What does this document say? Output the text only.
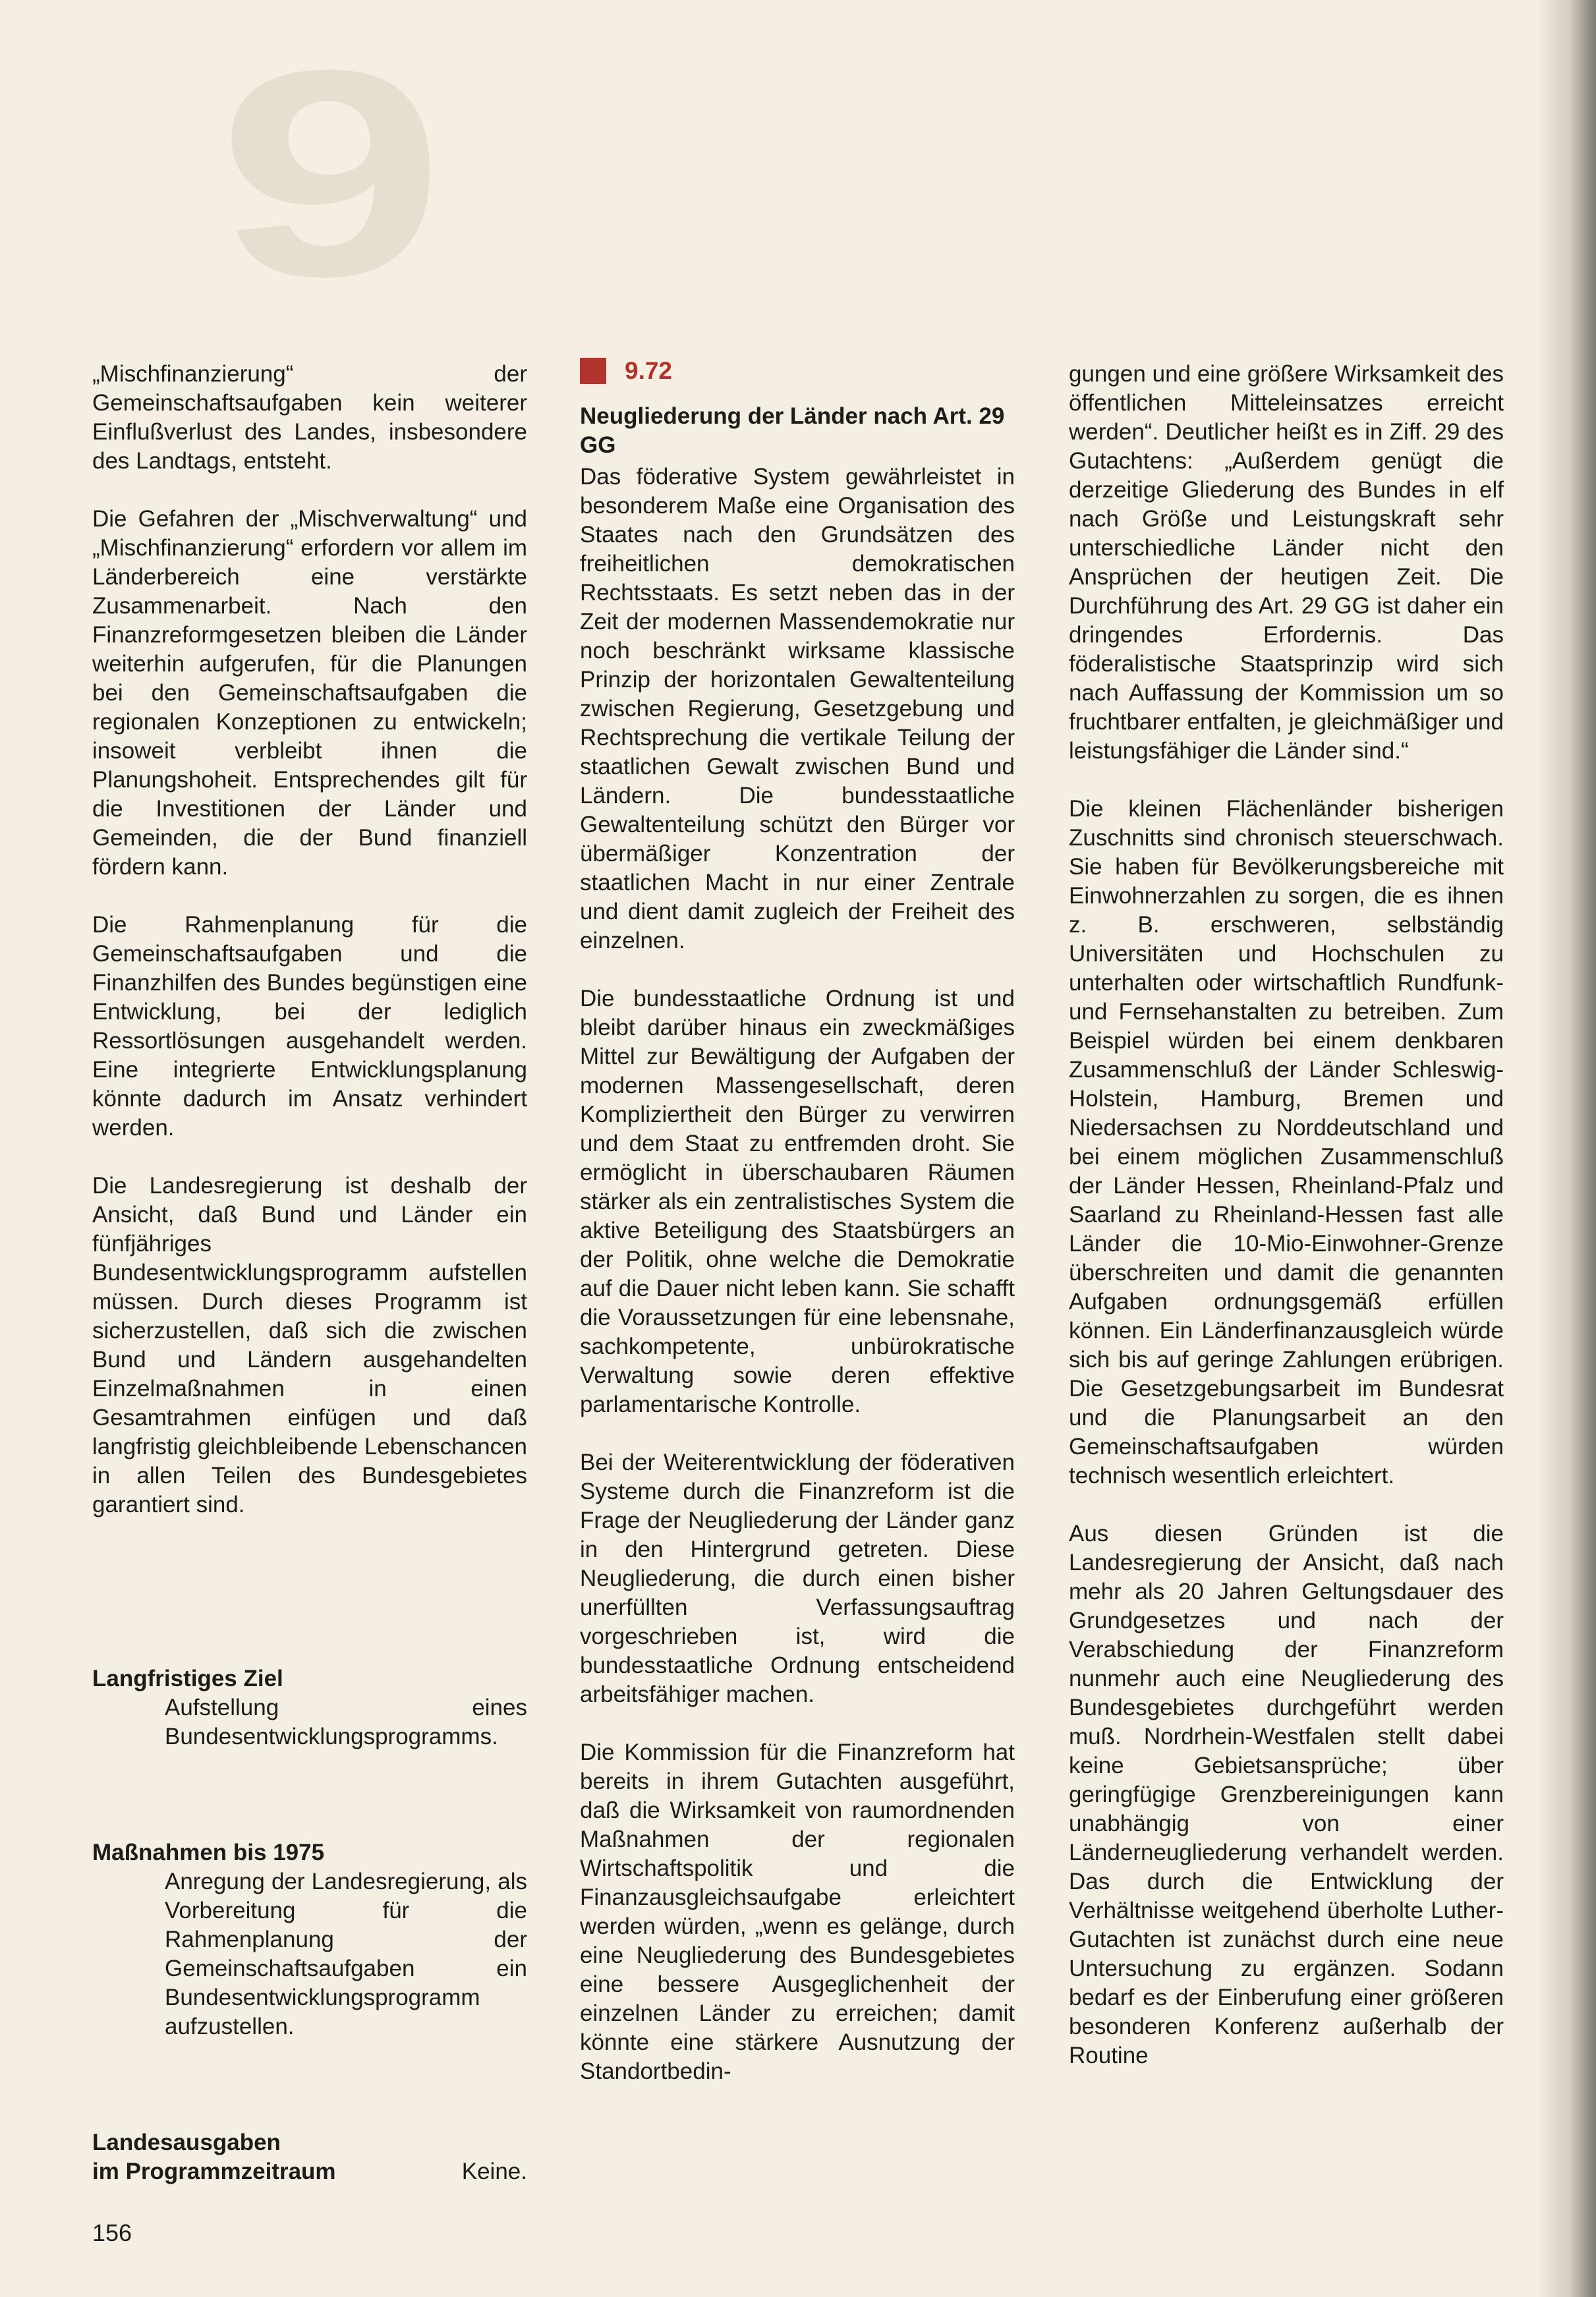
9

„Mischfinanzierung“ der Gemeinschaftsaufgaben kein weiterer Einflußverlust des Landes, insbesondere des Landtags, entsteht.

Die Gefahren der „Mischverwaltung“ und „Mischfinanzierung“ erfordern vor allem im Länderbereich eine verstärkte Zusammenarbeit. Nach den Finanzreformgesetzen bleiben die Länder weiterhin aufgerufen, für die Planungen bei den Gemeinschaftsaufgaben die regionalen Konzeptionen zu entwickeln; insoweit verbleibt ihnen die Planungshoheit. Entsprechendes gilt für die Investitionen der Länder und Gemeinden, die der Bund finanziell fördern kann.

Die Rahmenplanung für die Gemeinschaftsaufgaben und die Finanzhilfen des Bundes begünstigen eine Entwicklung, bei der lediglich Ressortlösungen ausgehandelt werden. Eine integrierte Entwicklungsplanung könnte dadurch im Ansatz verhindert werden.

Die Landesregierung ist deshalb der Ansicht, daß Bund und Länder ein fünfjähriges Bundesentwicklungsprogramm aufstellen müssen. Durch dieses Programm ist sicherzustellen, daß sich die zwischen Bund und Ländern ausgehandelten Einzelmaßnahmen in einen Gesamtrahmen einfügen und daß langfristig gleichbleibende Lebenschancen in allen Teilen des Bundesgebietes garantiert sind.

Langfristiges Ziel
Aufstellung eines Bundesentwicklungsprogramms.
Maßnahmen bis 1975
Anregung der Landesregierung, als Vorbereitung für die Rahmenplanung der Gemeinschaftsaufgaben ein Bundesentwicklungsprogramm aufzustellen.
Landesausgaben
im Programmzeitraum	Keine.
9.72
Neugliederung der Länder nach Art. 29 GG

Das föderative System gewährleistet in besonderem Maße eine Organisation des Staates nach den Grundsätzen des freiheitlichen demokratischen Rechtsstaats. Es setzt neben das in der Zeit der modernen Massendemokratie nur noch beschränkt wirksame klassische Prinzip der horizontalen Gewaltenteilung zwischen Regierung, Gesetzgebung und Rechtsprechung die vertikale Teilung der staatlichen Gewalt zwischen Bund und Ländern. Die bundesstaatliche Gewaltenteilung schützt den Bürger vor übermäßiger Konzentration der staatlichen Macht in nur einer Zentrale und dient damit zugleich der Freiheit des einzelnen.

Die bundesstaatliche Ordnung ist und bleibt darüber hinaus ein zweckmäßiges Mittel zur Bewältigung der Aufgaben der modernen Massengesellschaft, deren Kompliziertheit den Bürger zu verwirren und dem Staat zu entfremden droht. Sie ermöglicht in überschaubaren Räumen stärker als ein zentralistisches System die aktive Beteiligung des Staatsbürgers an der Politik, ohne welche die Demokratie auf die Dauer nicht leben kann. Sie schafft die Voraussetzungen für eine lebensnahe, sachkompetente, unbürokratische Verwaltung sowie deren effektive parlamentarische Kontrolle.

Bei der Weiterentwicklung der föderativen Systeme durch die Finanzreform ist die Frage der Neugliederung der Länder ganz in den Hintergrund getreten. Diese Neugliederung, die durch einen bisher unerfüllten Verfassungsauftrag vorgeschrieben ist, wird die bundesstaatliche Ordnung entscheidend arbeitsfähiger machen.

Die Kommission für die Finanzreform hat bereits in ihrem Gutachten ausgeführt, daß die Wirksamkeit von raumordnenden Maßnahmen der regionalen Wirtschaftspolitik und die Finanzausgleichsaufgabe erleichtert werden würden, „wenn es gelänge, durch eine Neugliederung des Bundesgebietes eine bessere Ausgeglichenheit der einzelnen Länder zu erreichen; damit könnte eine stärkere Ausnutzung der Standortbedin-

gungen und eine größere Wirksamkeit des öffentlichen Mitteleinsatzes erreicht werden“. Deutlicher heißt es in Ziff. 29 des Gutachtens: „Außerdem genügt die derzeitige Gliederung des Bundes in elf nach Größe und Leistungskraft sehr unterschiedliche Länder nicht den Ansprüchen der heutigen Zeit. Die Durchführung des Art. 29 GG ist daher ein dringendes Erfordernis. Das föderalistische Staatsprinzip wird sich nach Auffassung der Kommission um so fruchtbarer entfalten, je gleichmäßiger und leistungsfähiger die Länder sind.“

Die kleinen Flächenländer bisherigen Zuschnitts sind chronisch steuerschwach. Sie haben für Bevölkerungsbereiche mit Einwohnerzahlen zu sorgen, die es ihnen z. B. erschweren, selbständig Universitäten und Hochschulen zu unterhalten oder wirtschaftlich Rundfunk- und Fernsehanstalten zu betreiben. Zum Beispiel würden bei einem denkbaren Zusammenschluß der Länder Schleswig-Holstein, Hamburg, Bremen und Niedersachsen zu Norddeutschland und bei einem möglichen Zusammenschluß der Länder Hessen, Rheinland-Pfalz und Saarland zu Rheinland-Hessen fast alle Länder die 10-Mio-Einwohner-Grenze überschreiten und damit die genannten Aufgaben ordnungsgemäß erfüllen können. Ein Länderfinanzausgleich würde sich bis auf geringe Zahlungen erübrigen. Die Gesetzgebungsarbeit im Bundesrat und die Planungsarbeit an den Gemeinschaftsaufgaben würden technisch wesentlich erleichtert.

Aus diesen Gründen ist die Landesregierung der Ansicht, daß nach mehr als 20 Jahren Geltungsdauer des Grundgesetzes und nach der Verabschiedung der Finanzreform nunmehr auch eine Neugliederung des Bundesgebietes durchgeführt werden muß. Nordrhein-Westfalen stellt dabei keine Gebietsansprüche; über geringfügige Grenzbereinigungen kann unabhängig von einer Länderneugliederung verhandelt werden. Das durch die Entwicklung der Verhältnisse weitgehend überholte Luther-Gutachten ist zunächst durch eine neue Untersuchung zu ergänzen. Sodann bedarf es der Einberufung einer größeren besonderen Konferenz außerhalb der Routine

156
